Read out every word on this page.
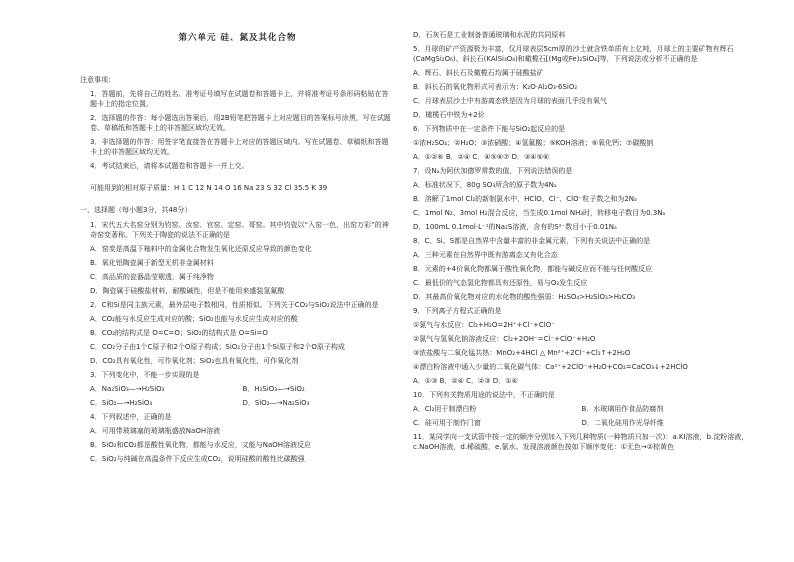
第六单元 硅、氮及其化合物
注意事项：
1．答题前，先将自己的姓名、准考证号填写在试题卷和答题卡上，并将准考证号条形码粘贴在答题卡上的指定位置。
2．选择题的作答：每小题选出答案后，用2B铅笔把答题卡上对应题目的答案标号涂黑，写在试题卷、草稿纸和答题卡上的非答题区域均无效。
3．非选择题的作答：用签字笔直接答在答题卡上对应的答题区域内。写在试题卷、草稿纸和答题卡上的非答题区域均无效。
4．考试结束后，请将本试题卷和答题卡一并上交。
可能用到的相对原子质量：H 1 C 12 N 14 O 16 Na 23 S 32 Cl 35.5 K 39
一、选择题（每小题3分，共48分）
1．宋代五大名窑分别为钧窑、汝窑、官窑、定窑、哥窑。其中钧瓷以“入窑一色，出窑万彩”的神奇窑变著称。下列关于陶瓷的说法不正确的是
A．窑变是高温下釉料中的金属化合物发生氧化还原反应导致的颜色变化
B．氧化铝陶瓷属于新型无机非金属材料
C．高品质的瓷器晶莹剔透，属于纯净物
D．陶瓷属于硅酸盐材料，耐酸碱性，但是不能用来盛装氢氟酸
2．C和Si是同主族元素，最外层电子数相同，性质相似。下列关于CO₂与SiO₂说法中正确的是
A．CO₂能与水反应生成对应的酸；SiO₂也能与水反应生成对应的酸
B．CO₂的结构式是 O=C=O；SiO₂的结构式是 O=Si=O
C．CO₂分子由1个C原子和2个O原子构成；SiO₂分子由1个Si原子和2个O原子构成
D．CO₂具有氧化性，可作氧化剂；SiO₂也具有氧化性，可作氧化剂
3．下列变化中，不能一步实现的是
A．Na₂SiO₃—→H₂SiO₃	B．H₂SiO₃—→SiO₂
C．SiO₂—→H₂SiO₃	D．SiO₂—→Na₂SiO₃
4．下列叙述中，正确的是
A．可用带玻璃塞的玻璃瓶盛放NaOH溶液
B．SiO₂和CO₂都是酸性氧化物，都能与水反应，又能与NaOH溶液反应
C．SiO₂与纯碱在高温条件下反应生成CO₂，说明硅酸的酸性比碳酸强
D．石灰石是工业制备普通玻璃和水泥的共同原料
5．月球的矿产资源极为丰富，仅月球表层5cm厚的沙土就含铁单质有上亿吨，月球上的主要矿物有辉石(CaMgSi₂O₆)、斜长石(KAlSi₃O₈)和橄榄石[(Mg或Fe)₂SiO₄]等，下列说法或分析不正确的是
A．辉石、斜长石及橄榄石均属于硅酸盐矿
B．斜长石的氧化物形式可表示为：K₂O·Al₂O₃·6SiO₂
C．月球表层沙土中有游离态铁是因为月球的表面几乎没有氧气
D．橄榄石中铁为+2价
6．下列物质中在一定条件下能与SiO₂起反应的是
①浓H₂SO₄；②H₂O；③浓硝酸；④氢氟酸；⑤KOH溶液；⑥氧化钙；⑦碳酸钠
A．①②⑥ B．②④ C．④⑤⑥⑦ D．③④⑤⑥
7．设Nₐ为阿伏加德罗常数的值，下列说法错误的是
A．标准状况下，80g SO₃所含的原子数为4Nₐ
B．溶解了1mol Cl₂的新制氯水中，HClO、Cl⁻、ClO⁻粒子数之和为2Nₐ
C．1mol N₂、3mol H₂混合反应，当生成0.1mol NH₃时，转移电子数目为0.3Nₐ
D．100mL 0.1mol·L⁻¹的Na₂S溶液，含有的S²⁻数目小于0.01Nₐ
8．C、Si、S都是自然界中含量丰富的非金属元素，下列有关说法中正确的是
A．三种元素在自然界中既有游离态又有化合态
B．元素的+4价氧化物都属于酸性氧化物，都能与碱反应而不能与任何酸反应
C．最低价的气态氢化物都具有还原性，易与O₂发生反应
D．其最高价氧化物对应的水化物的酸性强弱：H₂SO₄>H₂SiO₃>H₂CO₃
9．下列离子方程式正确的是
①氯气与水反应：Cl₂+H₂O=2H⁺+Cl⁻+ClO⁻
②氯气与氢氧化钠溶液反应：Cl₂+2OH⁻=Cl⁻+ClO⁻+H₂O
③浓盐酸与二氧化锰共热：MnO₂+4HCl △ Mn²⁺+2Cl⁻+Cl₂↑+2H₂O
④漂白粉溶液中通入少量的二氧化碳气体：Ca²⁺+2ClO⁻+H₂O+CO₂=CaCO₃↓+2HClO
A．①③ B．②④ C．②③ D．①④
10．下列有关物质用途的说法中，不正确的是
A．Cl₂用于制漂白粉	B．水玻璃用作食品防腐剂
C．硅可用于制作门窗	D．二氧化硅用作光导纤维
11．某同学向一支试管中按一定的顺序分别加入下列几种物质(一种物质只加一次)：a.KI溶液，b.淀粉溶液，c.NaOH溶液，d.稀硫酸，e.氯水。发现溶液颜色按如下顺序变化：①无色→②棕黄色
